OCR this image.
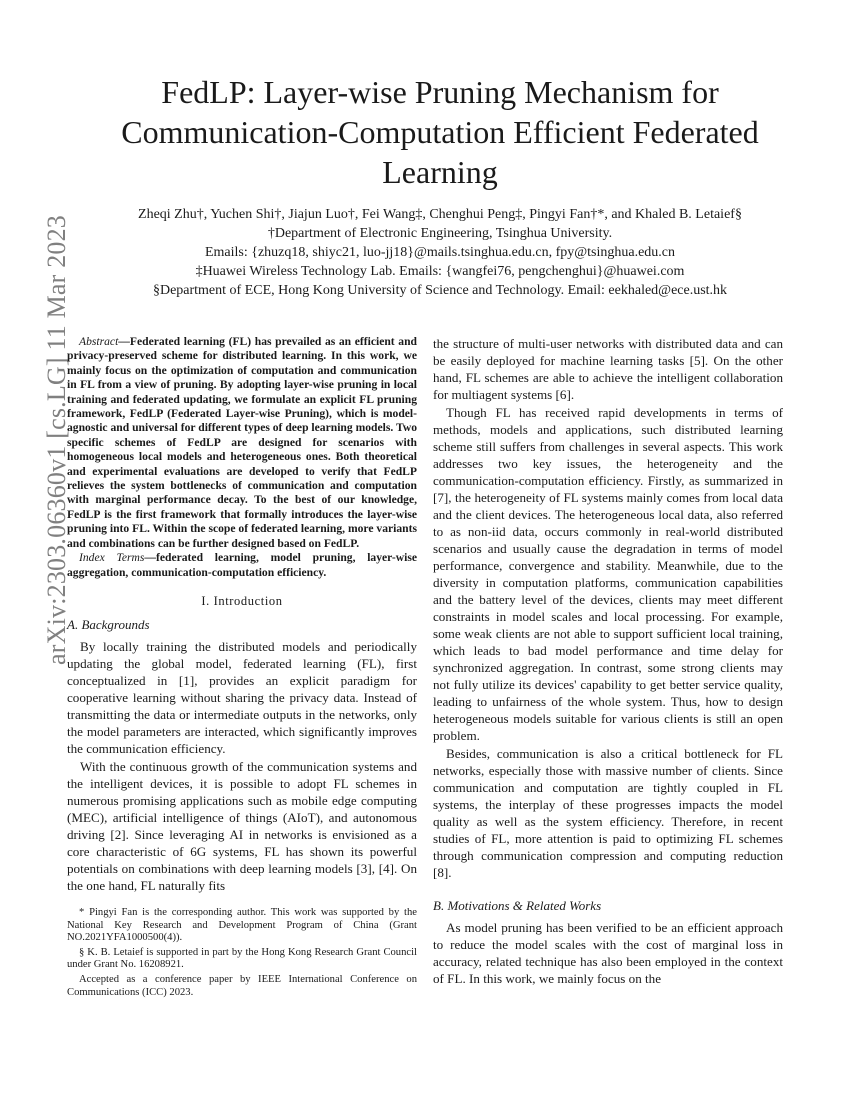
arXiv:2303.06360v1 [cs.LG] 11 Mar 2023
FedLP: Layer-wise Pruning Mechanism for Communication-Computation Efficient Federated Learning
Zheqi Zhu†, Yuchen Shi†, Jiajun Luo†, Fei Wang‡, Chenghui Peng‡, Pingyi Fan†*, and Khaled B. Letaief§
†Department of Electronic Engineering, Tsinghua University.
Emails: {zhuzq18, shiyc21, luo-jj18}@mails.tsinghua.edu.cn, fpy@tsinghua.edu.cn
‡Huawei Wireless Technology Lab. Emails: {wangfei76, pengchenghui}@huawei.com
§Department of ECE, Hong Kong University of Science and Technology. Email: eekhaled@ece.ust.hk

Abstract—Federated learning (FL) has prevailed as an efficient and privacy-preserved scheme for distributed learning. In this work, we mainly focus on the optimization of computation and communication in FL from a view of pruning. By adopting layer-wise pruning in local training and federated updating, we formulate an explicit FL pruning framework, FedLP (Federated Layer-wise Pruning), which is model-agnostic and universal for different types of deep learning models. Two specific schemes of FedLP are designed for scenarios with homogeneous local models and heterogeneous ones. Both theoretical and experimental evaluations are developed to verify that FedLP relieves the system bottlenecks of communication and computation with marginal performance decay. To the best of our knowledge, FedLP is the first framework that formally introduces the layer-wise pruning into FL. Within the scope of federated learning, more variants and combinations can be further designed based on FedLP.

Index Terms—federated learning, model pruning, layer-wise aggregation, communication-computation efficiency.

I. Introduction
A. Backgrounds

By locally training the distributed models and periodically updating the global model, federated learning (FL), first conceptualized in [1], provides an explicit paradigm for cooperative learning without sharing the privacy data. Instead of transmitting the data or intermediate outputs in the networks, only the model parameters are interacted, which significantly improves the communication efficiency.

With the continuous growth of the communication systems and the intelligent devices, it is possible to adopt FL schemes in numerous promising applications such as mobile edge computing (MEC), artificial intelligence of things (AIoT), and autonomous driving [2]. Since leveraging AI in networks is envisioned as a core characteristic of 6G systems, FL has shown its powerful potentials on combinations with deep learning models [3], [4]. On the one hand, FL naturally fits

* Pingyi Fan is the corresponding author. This work was supported by the National Key Research and Development Program of China (Grant NO.2021YFA1000500(4)).

§ K. B. Letaief is supported in part by the Hong Kong Research Grant Council under Grant No. 16208921.

Accepted as a conference paper by IEEE International Conference on Communications (ICC) 2023.

the structure of multi-user networks with distributed data and can be easily deployed for machine learning tasks [5]. On the other hand, FL schemes are able to achieve the intelligent collaboration for multiagent systems [6].

Though FL has received rapid developments in terms of methods, models and applications, such distributed learning scheme still suffers from challenges in several aspects. This work addresses two key issues, the heterogeneity and the communication-computation efficiency. Firstly, as summarized in [7], the heterogeneity of FL systems mainly comes from local data and the client devices. The heterogeneous local data, also referred to as non-iid data, occurs commonly in real-world distributed scenarios and usually cause the degradation in terms of model performance, convergence and stability. Meanwhile, due to the diversity in computation platforms, communication capabilities and the battery level of the devices, clients may meet different constraints in model scales and local processing. For example, some weak clients are not able to support sufficient local training, which leads to bad model performance and time delay for synchronized aggregation. In contrast, some strong clients may not fully utilize its devices' capability to get better service quality, leading to unfairness of the whole system. Thus, how to design heterogeneous models suitable for various clients is still an open problem.

Besides, communication is also a critical bottleneck for FL networks, especially those with massive number of clients. Since communication and computation are tightly coupled in FL systems, the interplay of these progresses impacts the model quality as well as the system efficiency. Therefore, in recent studies of FL, more attention is paid to optimizing FL schemes through communication compression and computing reduction [8].

B. Motivations & Related Works

As model pruning has been verified to be an efficient approach to reduce the model scales with the cost of marginal loss in accuracy, related technique has also been employed in the context of FL. In this work, we mainly focus on the
